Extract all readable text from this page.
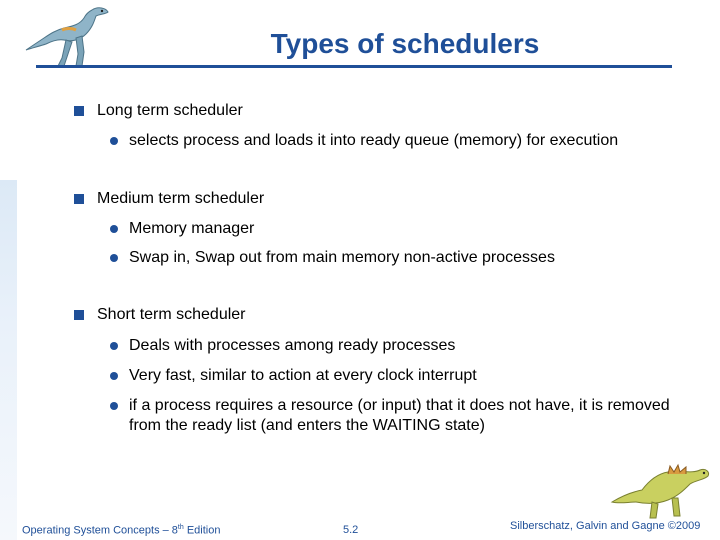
Types of schedulers
Long term scheduler
selects process and loads it into ready queue (memory) for execution
Medium term scheduler
Memory manager
Swap in, Swap out from main memory non-active processes
Short term scheduler
Deals with processes among ready processes
Very fast, similar to action at every clock interrupt
if a process requires a resource (or input) that it does not have, it is removed from the ready list (and enters the WAITING state)
Operating System Concepts – 8th Edition	5.2	Silberschatz, Galvin and Gagne ©2009
